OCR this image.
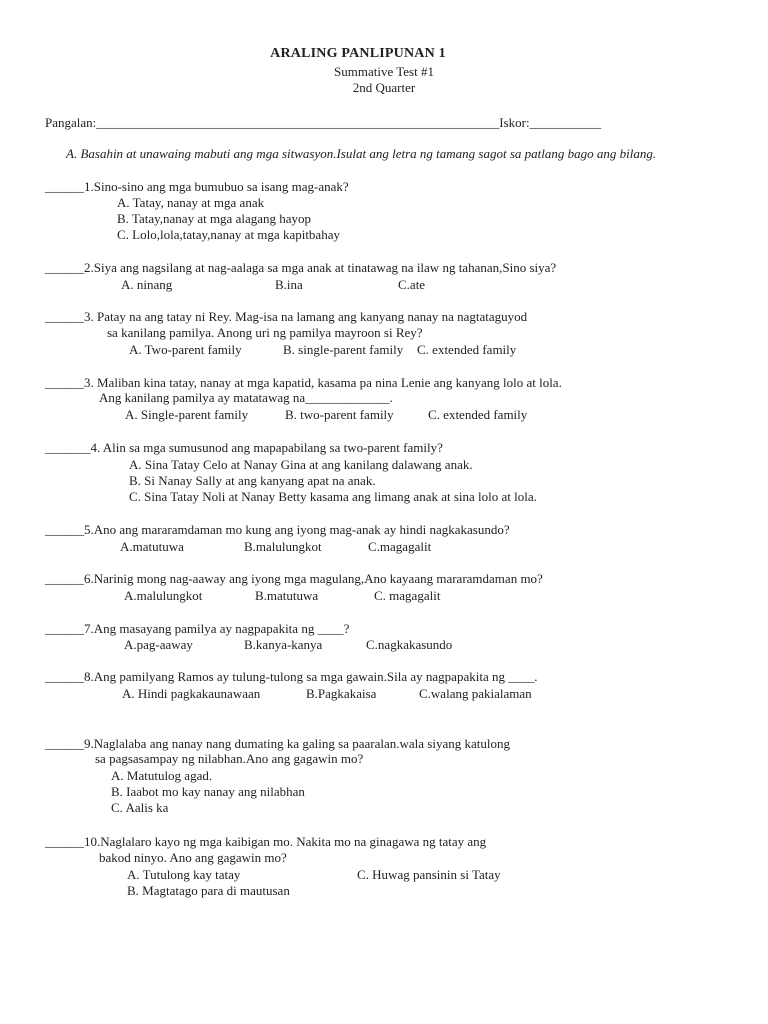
ARALING PANLIPUNAN 1
Summative Test #1
2nd Quarter
Pangalan:______________________________________________________________Iskor:___________
A. Basahin at unawaing mabuti ang mga sitwasyon.Isulat ang letra ng tamang sagot sa patlang bago ang bilang.
______1.Sino-sino ang mga bumubuo sa isang mag-anak?
A. Tatay, nanay at mga anak
B. Tatay,nanay at mga alagang hayop
C. Lolo,lola,tatay,nanay at mga kapitbahay
______2.Siya ang nagsilang at nag-aalaga sa mga anak at tinatawag na ilaw ng tahanan,Sino siya?
A. ninang	B.ina	C.ate
______3. Patay na ang tatay ni Rey. Mag-isa na lamang ang kanyang nanay na nagtataguyod
sa kanilang pamilya. Anong uri ng pamilya mayroon si Rey?
A. Two-parent family	B. single-parent family C. extended family
______3. Maliban kina tatay, nanay at mga kapatid, kasama pa nina Lenie ang kanyang lolo at lola.
Ang kanilang pamilya ay matatawag na_____________.
A. Single-parent family	B. two-parent family	C. extended family
_______4. Alin sa mga sumusunod ang mapapabilang sa two-parent family?
A. Sina Tatay Celo at Nanay Gina at ang kanilang dalawang anak.
B. Si Nanay Sally at ang kanyang apat na anak.
C. Sina Tatay Noli at Nanay Betty kasama ang limang anak at sina lolo at lola.
______5.Ano ang mararamdaman mo kung ang iyong mag-anak ay hindi nagkakasundo?
A.matutuwa	B.malulungkot	C.magagalit
______6.Narinig mong nag-aaway ang iyong mga magulang,Ano kayaang mararamdaman mo?
A.malulungkot	B.matutuwa	C. magagalit
______7.Ang masayang pamilya ay nagpapakita ng ____?
A.pag-aaway	B.kanya-kanya	C.nagkakasundo
______8.Ang pamilyang Ramos ay tulung-tulong sa mga gawain.Sila ay nagpapakita ng ____.
A. Hindi pagkakaunawaan	B.Pagkakaisa	C.walang pakialaman
______9.Naglalaba ang nanay nang dumating ka galing sa paaralan.wala siyang katulong
sa pagsasampay ng nilabhan.Ano ang gagawin mo?
A. Matutulog agad.
B. Iaabot mo kay nanay ang nilabhan
C. Aalis ka
______10.Naglalaro kayo ng mga kaibigan mo. Nakita mo na ginagawa ng tatay ang
bakod ninyo. Ano ang gagawin mo?
A. Tutulong kay tatay	C. Huwag pansinin si Tatay
B. Magtatago para di mautusan
